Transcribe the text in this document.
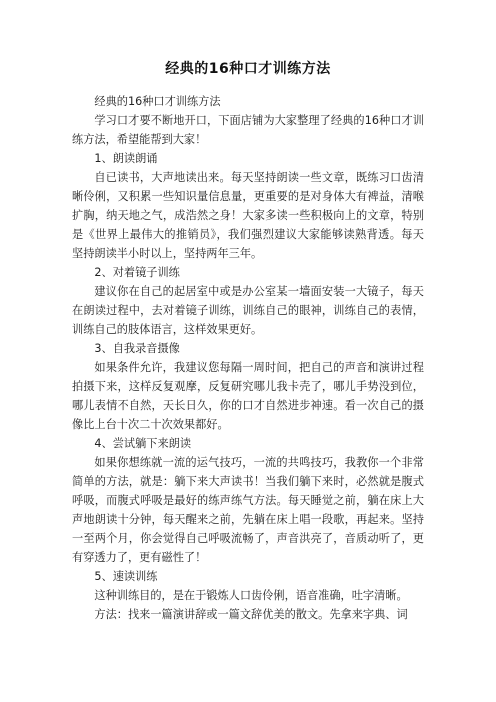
经典的16种口才训练方法

经典的16种口才训练方法

学习口才要不断地开口，下面店铺为大家整理了经典的16种口才训练方法，希望能帮到大家！

1、朗读朗诵

自已读书，大声地读出来。每天坚持朗读一些文章，既练习口齿清晰伶俐，又积累一些知识量信息量，更重要的是对身体大有裨益，清喉扩胸，纳天地之气，成浩然之身！大家多读一些积极向上的文章，特别是《世界上最伟大的推销员》，我们强烈建议大家能够读熟背透。每天坚持朗读半小时以上，坚持两年三年。

2、对着镜子训练

建议你在自己的起居室中或是办公室某一墙面安装一大镜子，每天在朗读过程中，去对着镜子训练，训练自己的眼神，训练自己的表情，训练自己的肢体语言，这样效果更好。

3、自我录音摄像

如果条件允许，我建议您每隔一周时间，把自己的声音和演讲过程拍摄下来，这样反复观摩，反复研究哪儿我卡壳了，哪儿手势没到位，哪儿表情不自然，天长日久，你的口才自然进步神速。看一次自己的摄像比上台十次二十次效果都好。

4、尝试躺下来朗读

如果你想练就一流的运气技巧，一流的共鸣技巧，我教你一个非常简单的方法，就是：躺下来大声读书！当我们躺下来时，必然就是腹式呼吸，而腹式呼吸是最好的练声练气方法。每天睡觉之前，躺在床上大声地朗读十分钟，每天醒来之前，先躺在床上唱一段歌，再起来。坚持一至两个月，你会觉得自己呼吸流畅了，声音洪亮了，音质动听了，更有穿透力了，更有磁性了！

5、速读训练

这种训练目的，是在于锻炼人口齿伶俐，语音准确，吐字清晰。

方法：找来一篇演讲辞或一篇文辞优美的散文。先拿来字典、词
